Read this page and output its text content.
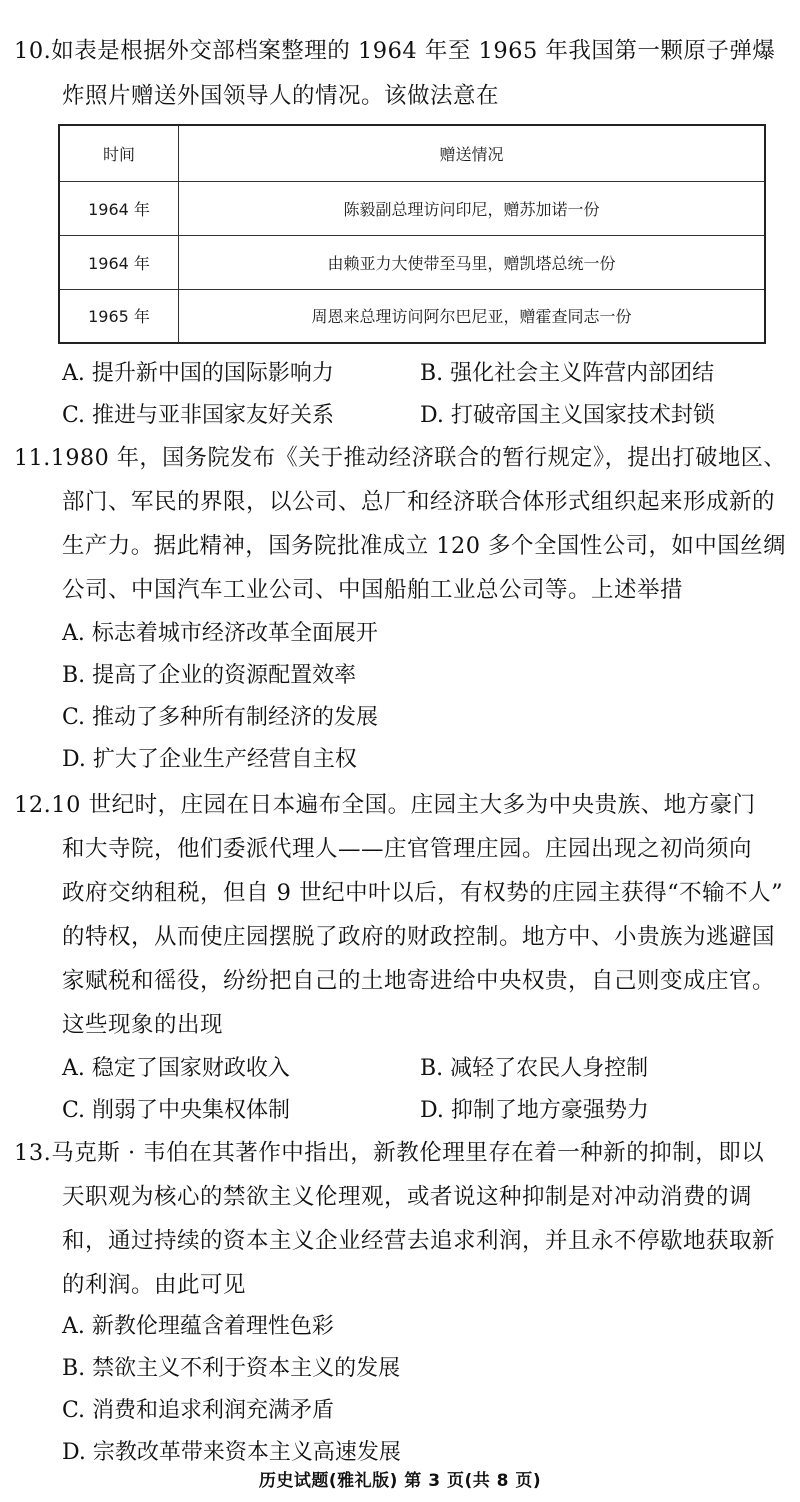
10.如表是根据外交部档案整理的 1964 年至 1965 年我国第一颗原子弹爆
炸照片赠送外国领导人的情况。该做法意在
时间	赠送情况
1964 年	陈毅副总理访问印尼，赠苏加诺一份
1964 年	由赖亚力大使带至马里，赠凯塔总统一份
1965 年	周恩来总理访问阿尔巴尼亚，赠霍查同志一份
A. 提升新中国的国际影响力	B. 强化社会主义阵营内部团结
C. 推进与亚非国家友好关系	D. 打破帝国主义国家技术封锁
11.1980 年，国务院发布《关于推动经济联合的暂行规定》，提出打破地区、
部门、军民的界限，以公司、总厂和经济联合体形式组织起来形成新的
生产力。据此精神，国务院批准成立 120 多个全国性公司，如中国丝绸
公司、中国汽车工业公司、中国船舶工业总公司等。上述举措
A. 标志着城市经济改革全面展开
B. 提高了企业的资源配置效率
C. 推动了多种所有制经济的发展
D. 扩大了企业生产经营自主权
12.10 世纪时，庄园在日本遍布全国。庄园主大多为中央贵族、地方豪门
和大寺院，他们委派代理人——庄官管理庄园。庄园出现之初尚须向
政府交纳租税，但自 9 世纪中叶以后，有权势的庄园主获得“不输不人”
的特权，从而使庄园摆脱了政府的财政控制。地方中、小贵族为逃避国
家赋税和徭役，纷纷把自己的土地寄进给中央权贵，自己则变成庄官。
这些现象的出现
A. 稳定了国家财政收入	B. 减轻了农民人身控制
C. 削弱了中央集权体制	D. 抑制了地方豪强势力
13.马克斯 · 韦伯在其著作中指出，新教伦理里存在着一种新的抑制，即以
天职观为核心的禁欲主义伦理观，或者说这种抑制是对冲动消费的调
和，通过持续的资本主义企业经营去追求利润，并且永不停歇地获取新
的利润。由此可见
A. 新教伦理蕴含着理性色彩
B. 禁欲主义不利于资本主义的发展
C. 消费和追求利润充满矛盾
D. 宗教改革带来资本主义高速发展
历史试题(雅礼版) 第 3 页(共 8 页)
